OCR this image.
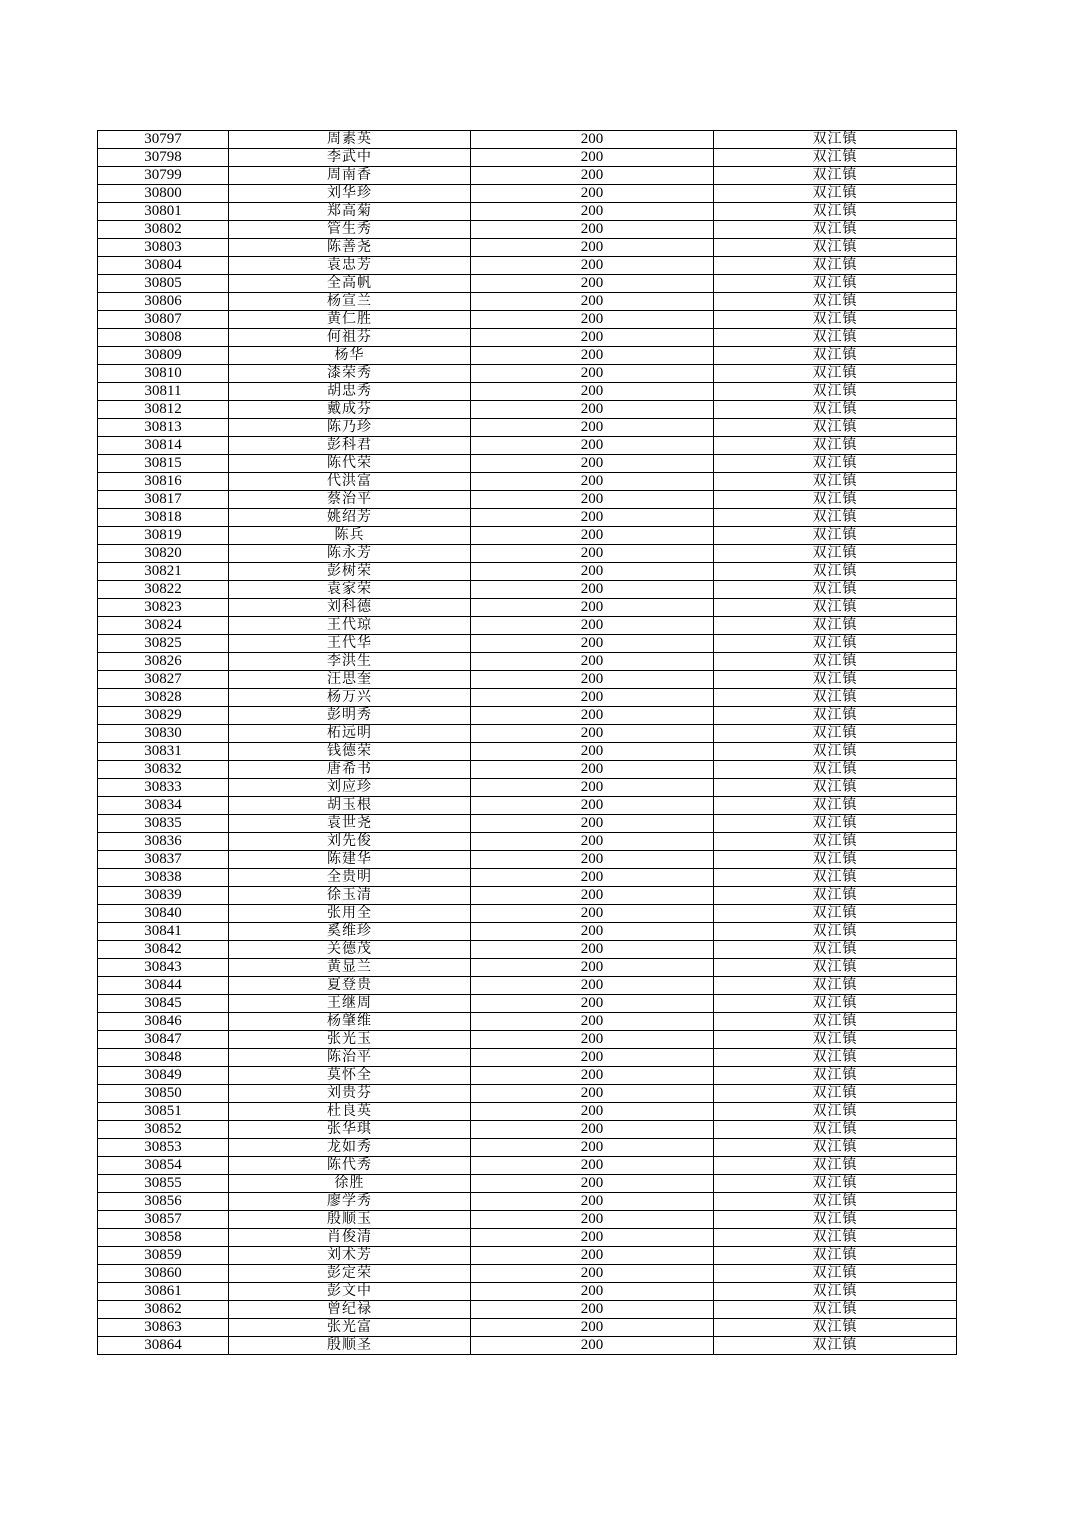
30797	周素英	200	双江镇
30798	李武中	200	双江镇
30799	周南香	200	双江镇
30800	刘华珍	200	双江镇
30801	郑高菊	200	双江镇
30802	管生秀	200	双江镇
30803	陈善尧	200	双江镇
30804	袁忠芳	200	双江镇
30805	全高帆	200	双江镇
30806	杨宣兰	200	双江镇
30807	黄仁胜	200	双江镇
30808	何祖芬	200	双江镇
30809	杨华	200	双江镇
30810	漆荣秀	200	双江镇
30811	胡忠秀	200	双江镇
30812	戴成芬	200	双江镇
30813	陈乃珍	200	双江镇
30814	彭科君	200	双江镇
30815	陈代荣	200	双江镇
30816	代洪富	200	双江镇
30817	蔡治平	200	双江镇
30818	姚绍芳	200	双江镇
30819	陈兵	200	双江镇
30820	陈永芳	200	双江镇
30821	彭树荣	200	双江镇
30822	袁家荣	200	双江镇
30823	刘科德	200	双江镇
30824	王代琼	200	双江镇
30825	王代华	200	双江镇
30826	李洪生	200	双江镇
30827	汪思奎	200	双江镇
30828	杨万兴	200	双江镇
30829	彭明秀	200	双江镇
30830	柘远明	200	双江镇
30831	钱德荣	200	双江镇
30832	唐希书	200	双江镇
30833	刘应珍	200	双江镇
30834	胡玉根	200	双江镇
30835	袁世尧	200	双江镇
30836	刘先俊	200	双江镇
30837	陈建华	200	双江镇
30838	全贵明	200	双江镇
30839	徐玉清	200	双江镇
30840	张用全	200	双江镇
30841	奚维珍	200	双江镇
30842	关德茂	200	双江镇
30843	黄显兰	200	双江镇
30844	夏登贵	200	双江镇
30845	王继周	200	双江镇
30846	杨肇维	200	双江镇
30847	张光玉	200	双江镇
30848	陈治平	200	双江镇
30849	莫怀全	200	双江镇
30850	刘贵芬	200	双江镇
30851	杜良英	200	双江镇
30852	张华琪	200	双江镇
30853	龙如秀	200	双江镇
30854	陈代秀	200	双江镇
30855	徐胜	200	双江镇
30856	廖学秀	200	双江镇
30857	殷顺玉	200	双江镇
30858	肖俊清	200	双江镇
30859	刘术芳	200	双江镇
30860	彭定荣	200	双江镇
30861	彭文中	200	双江镇
30862	曾纪禄	200	双江镇
30863	张光富	200	双江镇
30864	殷顺圣	200	双江镇
